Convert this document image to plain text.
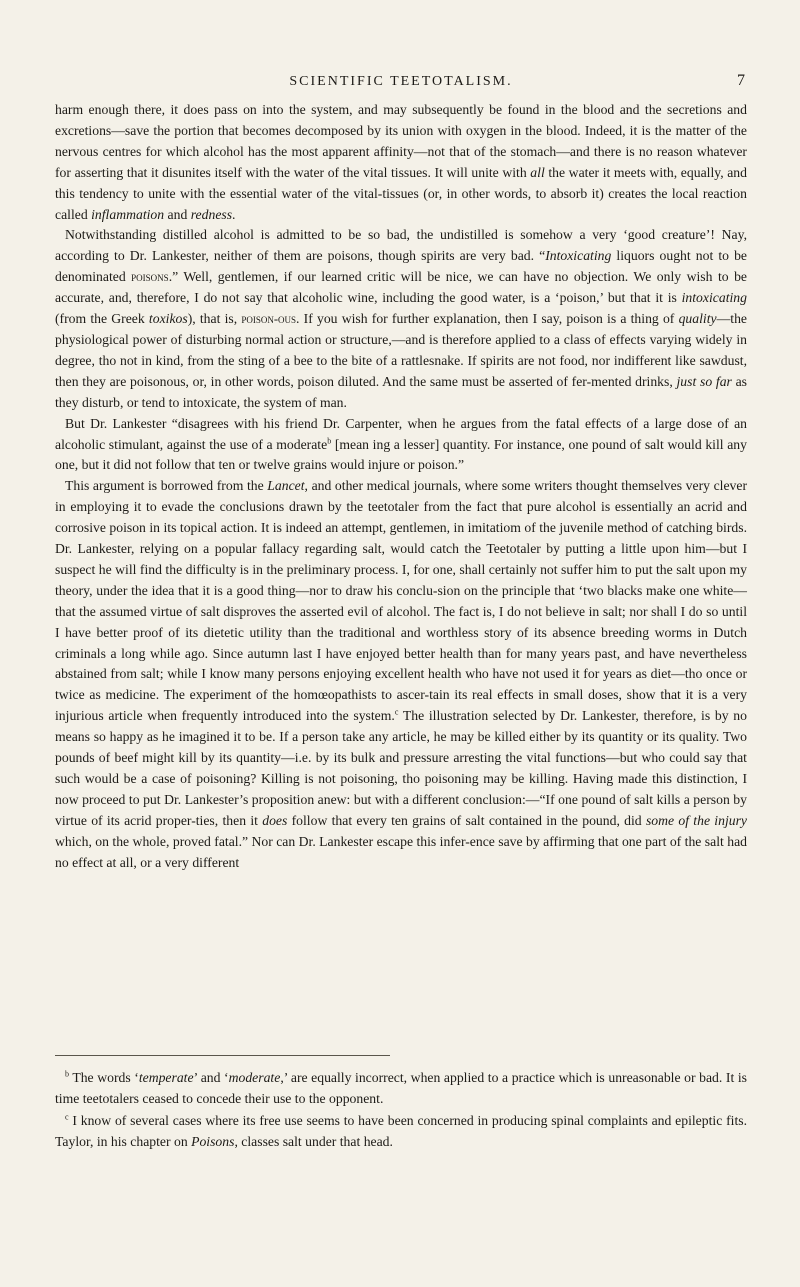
SCIENTIFIC TEETOTALISM.	7

harm enough there, it does pass on into the system, and may subsequently be found in the blood and the secretions and excretions—save the portion that becomes decomposed by its union with oxygen in the blood. Indeed, it is the matter of the nervous centres for which alcohol has the most apparent affinity—not that of the stomach—and there is no reason whatever for asserting that it disunites itself with the water of the vital tissues. It will unite with all the water it meets with, equally, and this tendency to unite with the essential water of the vital-tissues (or, in other words, to absorb it) creates the local reaction called inflammation and redness.

Notwithstanding distilled alcohol is admitted to be so bad, the undistilled is somehow a very ‘good creature’! Nay, according to Dr. Lankester, neither of them are poisons, though spirits are very bad. “Intoxicating liquors ought not to be denominated poisons.” Well, gentlemen, if our learned critic will be nice, we can have no objection. We only wish to be accurate, and, therefore, I do not say that alcoholic wine, including the good water, is a ‘poison,’ but that it is intoxicating (from the Greek toxikos), that is, poison-ous. If you wish for further explanation, then I say, poison is a thing of quality—the physiological power of disturbing normal action or structure,—and is therefore applied to a class of effects varying widely in degree, tho not in kind, from the sting of a bee to the bite of a rattlesnake. If spirits are not food, nor indifferent like sawdust, then they are poisonous, or, in other words, poison diluted. And the same must be asserted of fer-mented drinks, just so far as they disturb, or tend to intoxicate, the system of man.

But Dr. Lankester “disagrees with his friend Dr. Carpenter, when he argues from the fatal effects of a large dose of an alcoholic stimulant, against the use of a moderate$^b$ [mean ing a lesser] quantity. For instance, one pound of salt would kill any one, but it did not follow that ten or twelve grains would injure or poison.”

This argument is borrowed from the Lancet, and other medical journals, where some writers thought themselves very clever in employing it to evade the conclusions drawn by the teetotaler from the fact that pure alcohol is essentially an acrid and corrosive poison in its topical action. It is indeed an attempt, gentlemen, in imitatiom of the juvenile method of catching birds. Dr. Lankester, relying on a popular fallacy regarding salt, would catch the Teetotaler by putting a little upon him—but I suspect he will find the difficulty is in the preliminary process. I, for one, shall certainly not suffer him to put the salt upon my theory, under the idea that it is a good thing—nor to draw his conclu-sion on the principle that ‘two blacks make one white—that the assumed virtue of salt disproves the asserted evil of alcohol. The fact is, I do not believe in salt; nor shall I do so until I have better proof of its dietetic utility than the traditional and worthless story of its absence breeding worms in Dutch criminals a long while ago. Since autumn last I have enjoyed better health than for many years past, and have nevertheless abstained from salt; while I know many persons enjoying excellent health who have not used it for years as diet—tho once or twice as medicine. The experiment of the homœopathists to ascer-tain its real effects in small doses, show that it is a very injurious article when frequently introduced into the system.$^c$ The illustration selected by Dr. Lankester, therefore, is by no means so happy as he imagined it to be. If a person take any article, he may be killed either by its quantity or its quality. Two pounds of beef might kill by its quantity—i.e. by its bulk and pressure arresting the vital functions—but who could say that such would be a case of poisoning? Killing is not poisoning, tho poisoning may be killing. Having made this distinction, I now proceed to put Dr. Lankester’s proposition anew: but with a different conclusion:—“If one pound of salt kills a person by virtue of its acrid proper-ties, then it does follow that every ten grains of salt contained in the pound, did some of the injury which, on the whole, proved fatal.” Nor can Dr. Lankester escape this infer-ence save by affirming that one part of the salt had no effect at all, or a very different

$^b$ The words ‘temperate’ and ‘moderate,’ are equally incorrect, when applied to a practice which is unreasonable or bad. It is time teetotalers ceased to concede their use to the opponent.

$^c$ I know of several cases where its free use seems to have been concerned in producing spinal complaints and epileptic fits. Taylor, in his chapter on Poisons, classes salt under that head.
